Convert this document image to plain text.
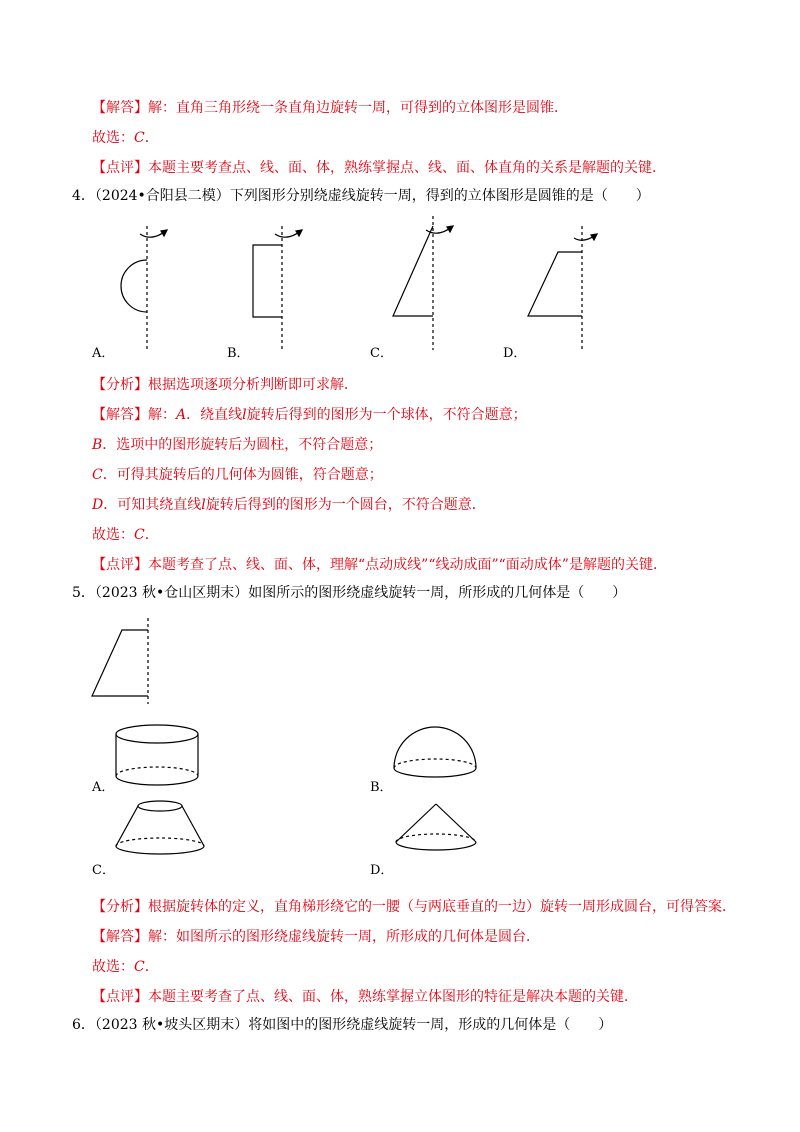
【解答】解：直角三角形绕一条直角边旋转一周，可得到的立体图形是圆锥．
故选：C．
【点评】本题主要考查点、线、面、体，熟练掌握点、线、面、体直角的关系是解题的关键．
4．（2024•合阳县二模）下列图形分别绕虚线旋转一周，得到的立体图形是圆锥的是（　　）
A．	B．	C．	D．
【分析】根据选项逐项分析判断即可求解．
【解答】解：A．绕直线l旋转后得到的图形为一个球体，不符合题意；
B．选项中的图形旋转后为圆柱，不符合题意；
C．可得其旋转后的几何体为圆锥，符合题意；
D．可知其绕直线l旋转后得到的图形为一个圆台，不符合题意．
故选：C．
【点评】本题考查了点、线、面、体，理解“点动成线”“线动成面”“面动成体”是解题的关键．
5．（2023 秋•仓山区期末）如图所示的图形绕虚线旋转一周，所形成的几何体是（　　）
A．	B．
C．	D．
【分析】根据旋转体的定义，直角梯形绕它的一腰（与两底垂直的一边）旋转一周形成圆台，可得答案．
【解答】解：如图所示的图形绕虚线旋转一周，所形成的几何体是圆台．
故选：C．
【点评】本题主要考查了点、线、面、体，熟练掌握立体图形的特征是解决本题的关键．
6．（2023 秋•坡头区期末）将如图中的图形绕虚线旋转一周，形成的几何体是（　　）
